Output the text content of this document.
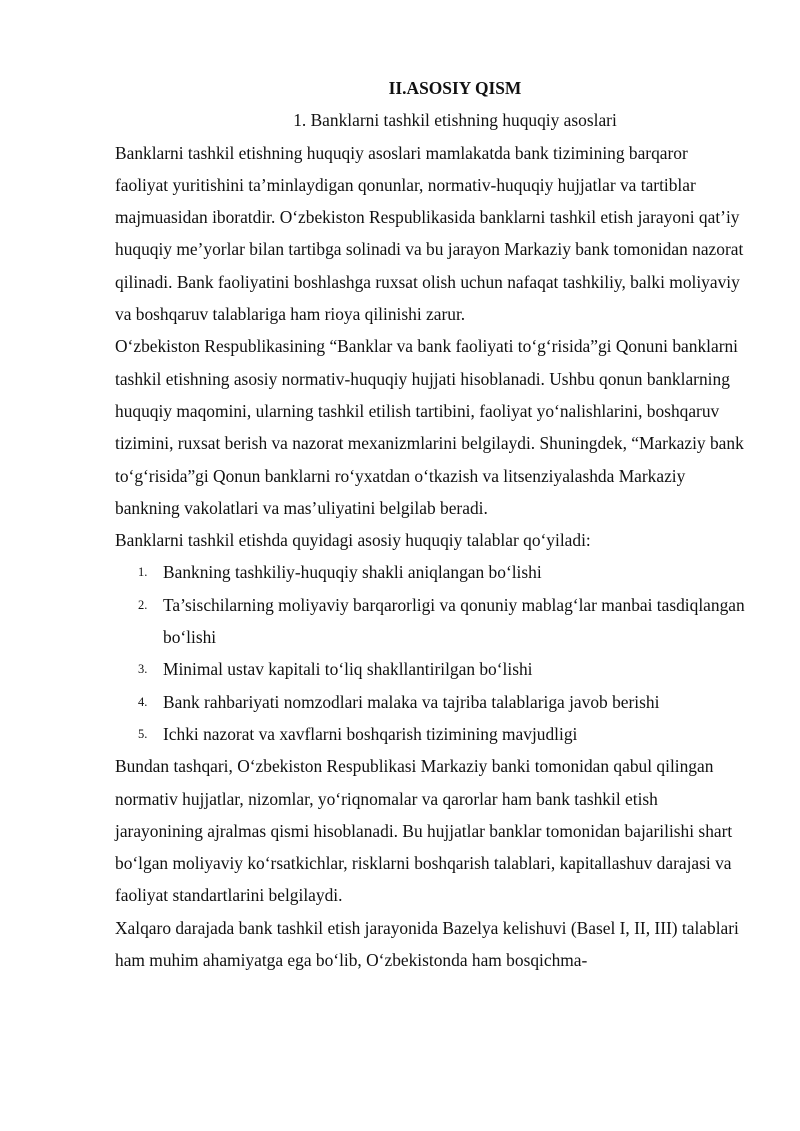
II.ASOSIY QISM

1. Banklarni tashkil etishning huquqiy asoslari

Banklarni tashkil etishning huquqiy asoslari mamlakatda bank tizimining barqaror faoliyat yuritishini ta’minlaydigan qonunlar, normativ-huquqiy hujjatlar va tartiblar majmuasidan iboratdir. O‘zbekiston Respublikasida banklarni tashkil etish jarayoni qat’iy huquqiy me’yorlar bilan tartibga solinadi va bu jarayon Markaziy bank tomonidan nazorat qilinadi. Bank faoliyatini boshlashga ruxsat olish uchun nafaqat tashkiliy, balki moliyaviy va boshqaruv talablariga ham rioya qilinishi zarur.

O‘zbekiston Respublikasining “Banklar va bank faoliyati to‘g‘risida”gi Qonuni banklarni tashkil etishning asosiy normativ-huquqiy hujjati hisoblanadi. Ushbu qonun banklarning huquqiy maqomini, ularning tashkil etilish tartibini, faoliyat yo‘nalishlarini, boshqaruv tizimini, ruxsat berish va nazorat mexanizmlarini belgilaydi. Shuningdek, “Markaziy bank to‘g‘risida”gi Qonun banklarni ro‘yxatdan o‘tkazish va litsenziyalashda Markaziy bankning vakolatlari va mas’uliyatini belgilab beradi.

Banklarni tashkil etishda quyidagi asosiy huquqiy talablar qo‘yiladi:

1. Bankning tashkiliy-huquqiy shakli aniqlangan bo‘lishi
2. Ta’sischilarning moliyaviy barqarorligi va qonuniy mablag‘lar manbai tasdiqlangan bo‘lishi
3. Minimal ustav kapitali to‘liq shakllantirilgan bo‘lishi
4. Bank rahbariyati nomzodlari malaka va tajriba talablariga javob berishi
5. Ichki nazorat va xavflarni boshqarish tizimining mavjudligi

Bundan tashqari, O‘zbekiston Respublikasi Markaziy banki tomonidan qabul qilingan normativ hujjatlar, nizomlar, yo‘riqnomalar va qarorlar ham bank tashkil etish jarayonining ajralmas qismi hisoblanadi. Bu hujjatlar banklar tomonidan bajarilishi shart bo‘lgan moliyaviy ko‘rsatkichlar, risklarni boshqarish talablari, kapitallashuv darajasi va faoliyat standartlarini belgilaydi.

Xalqaro darajada bank tashkil etish jarayonida Bazelya kelishuvi (Basel I, II, III) talablari ham muhim ahamiyatga ega bo‘lib, O‘zbekistonda ham bosqichma-
